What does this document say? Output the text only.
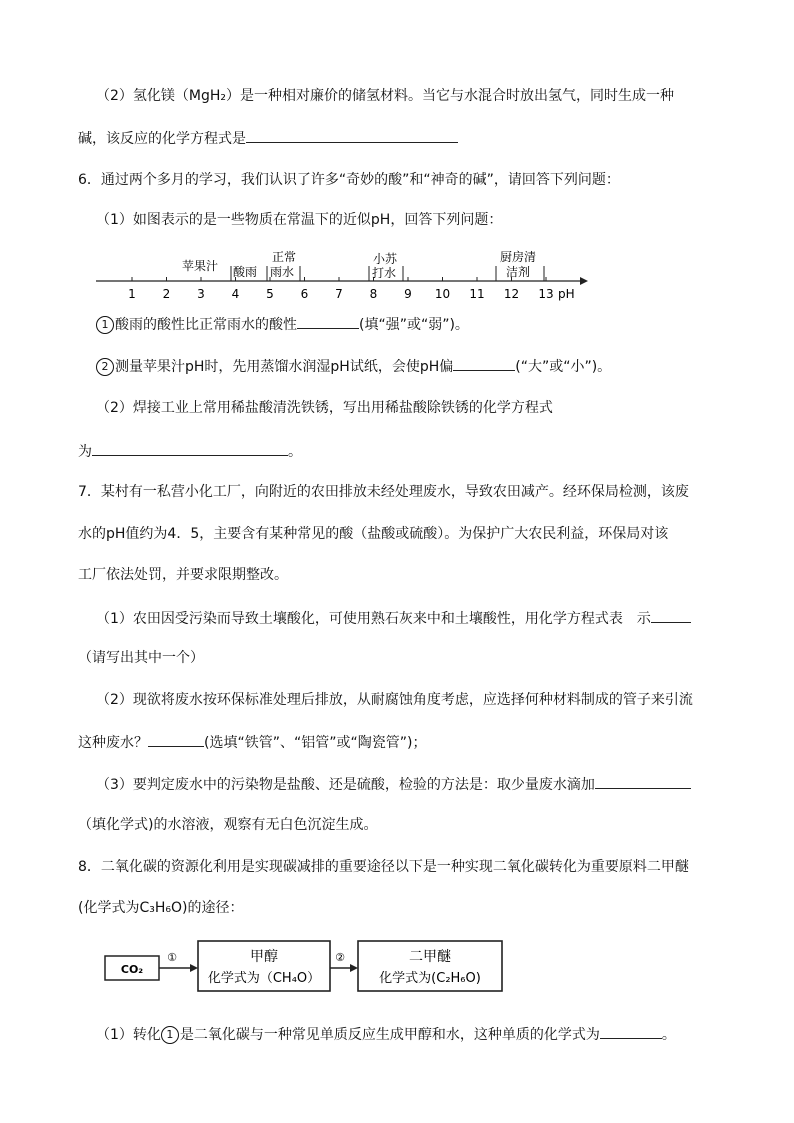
（2）氢化镁（MgH₂）是一种相对廉价的储氢材料。当它与水混合时放出氢气，同时生成一种
碱，该反应的化学方程式是
6．通过两个多月的学习，我们认识了许多“奇妙的酸”和“神奇的碱”，请回答下列问题：
（1）如图表示的是一些物质在常温下的近似pH，回答下列问题：
1 2 3 4 5 6 7 8 9 10 11 12 13 pH
苹果汁 酸雨
正常
雨水
小苏
打水
厨房清
洁剂
1 酸雨的酸性比正常雨水的酸性	(填“强”或“弱”)。
2 测量苹果汁pH时，先用蒸馏水润湿pH试纸，会使pH偏	(“大”或“小”)。
（2）焊接工业上常用稀盐酸清洗铁锈，写出用稀盐酸除铁锈的化学方程式
为	。
7．某村有一私营小化工厂，向附近的农田排放未经处理废水，导致农田减产。经环保局检测，该废
水的pH值约为4．5，主要含有某种常见的酸（盐酸或硫酸）。为保护广大农民利益，环保局对该
工厂依法处罚，并要求限期整改。
（1）农田因受污染而导致土壤酸化，可使用熟石灰来中和土壤酸性，用化学方程式表　示
（请写出其中一个）
（2）现欲将废水按环保标准处理后排放，从耐腐蚀角度考虑，应选择何种材料制成的管子来引流
这种废水？	(选填“铁管”、“铝管”或“陶瓷管”)；
（3）要判定废水中的污染物是盐酸、还是硫酸，检验的方法是：取少量废水滴加
（填化学式)的水溶液，观察有无白色沉淀生成。
8．二氧化碳的资源化利用是实现碳减排的重要途径以下是一种实现二氧化碳转化为重要原料二甲醚
(化学式为C₃H₆O)的途径：
CO₂
①	甲醇
化学式为（CH₄O）
②	二甲醚
化学式为(C₂H₆O)
（1）转化 1 是二氧化碳与一种常见单质反应生成甲醇和水，这种单质的化学式为	。
